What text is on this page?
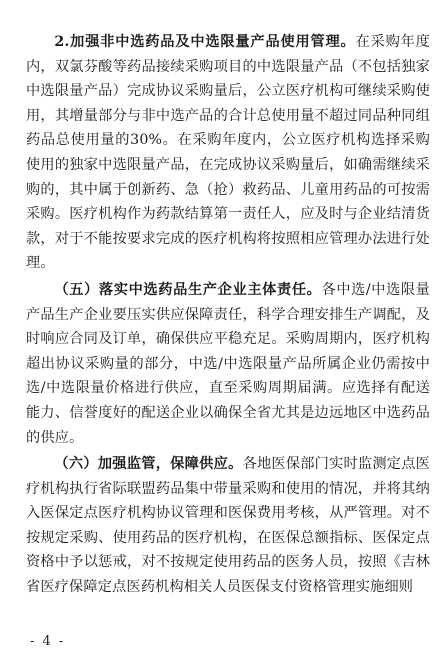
2.加强非中选药品及中选限量产品使用管理。在采购年度内，双氯芬酸等药品接续采购项目的中选限量产品（不包括独家中选限量产品）完成协议采购量后，公立医疗机构可继续采购使用，其增量部分与非中选产品的合计总使用量不超过同品种同组药品总使用量的30%。在采购年度内，公立医疗机构选择采购使用的独家中选限量产品，在完成协议采购量后，如确需继续采购的，其中属于创新药、急（抢）救药品、儿童用药品的可按需采购。医疗机构作为药款结算第一责任人，应及时与企业结清货款，对于不能按要求完成的医疗机构将按照相应管理办法进行处理。

（五）落实中选药品生产企业主体责任。各中选/中选限量产品生产企业要压实供应保障责任，科学合理安排生产调配，及时响应合同及订单，确保供应平稳充足。采购周期内，医疗机构超出协议采购量的部分，中选/中选限量产品所属企业仍需按中选/中选限量价格进行供应，直至采购周期届满。应选择有配送能力、信誉度好的配送企业以确保全省尤其是边远地区中选药品的供应。

（六）加强监管，保障供应。各地医保部门实时监测定点医疗机构执行省际联盟药品集中带量采购和使用的情况，并将其纳入医保定点医疗机构协议管理和医保费用考核，从严管理。对不按规定采购、使用药品的医疗机构，在医保总额指标、医保定点资格中予以惩戒，对不按规定使用药品的医务人员，按照《吉林省医疗保障定点医药机构相关人员医保支付资格管理实施细则

- 4 -
